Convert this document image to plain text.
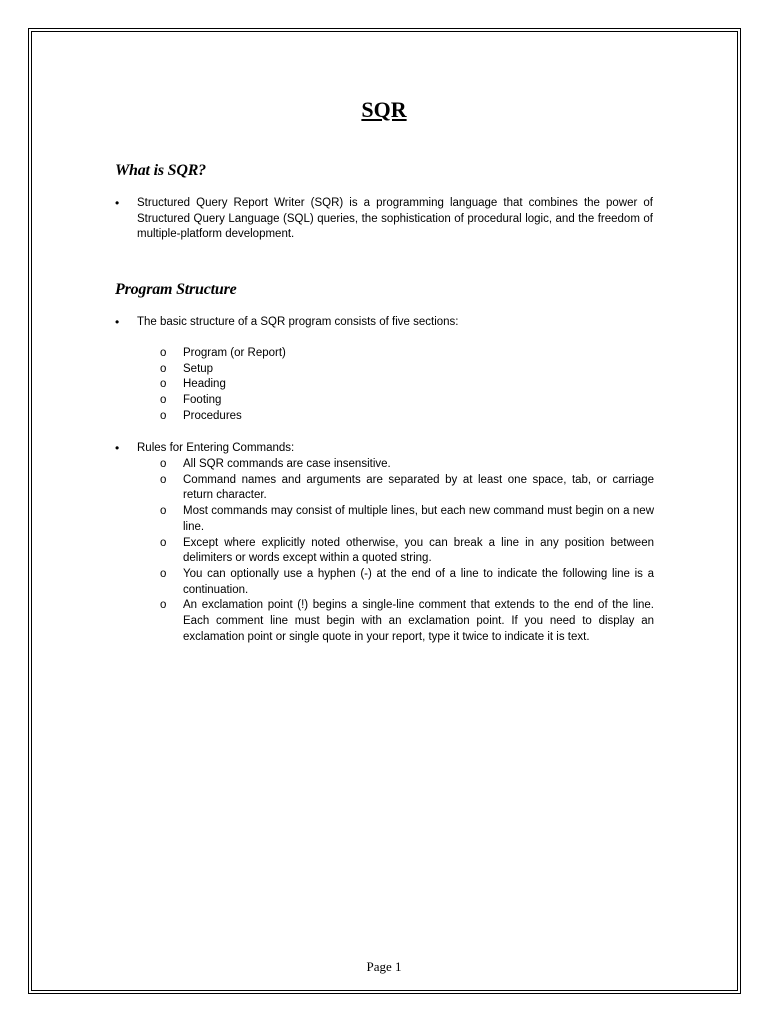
SQR
What is SQR?
• Structured Query Report Writer (SQR) is a programming language that combines the power of Structured Query Language (SQL) queries, the sophistication of procedural logic, and the freedom of multiple-platform development.

Program Structure
• The basic structure of a SQR program consists of five sections:

o Program (or Report)
o Setup
o Heading
o Footing
o Procedures
• Rules for Entering Commands:

o All SQR commands are case insensitive.
o Command names and arguments are separated by at least one space, tab, or carriage return character.
o Most commands may consist of multiple lines, but each new command must begin on a new line.
o Except where explicitly noted otherwise, you can break a line in any position between delimiters or words except within a quoted string.
o You can optionally use a hyphen (-) at the end of a line to indicate the following line is a continuation.
o An exclamation point (!) begins a single-line comment that extends to the end of the line. Each comment line must begin with an exclamation point. If you need to display an exclamation point or single quote in your report, type it twice to indicate it is text.

Page 1
